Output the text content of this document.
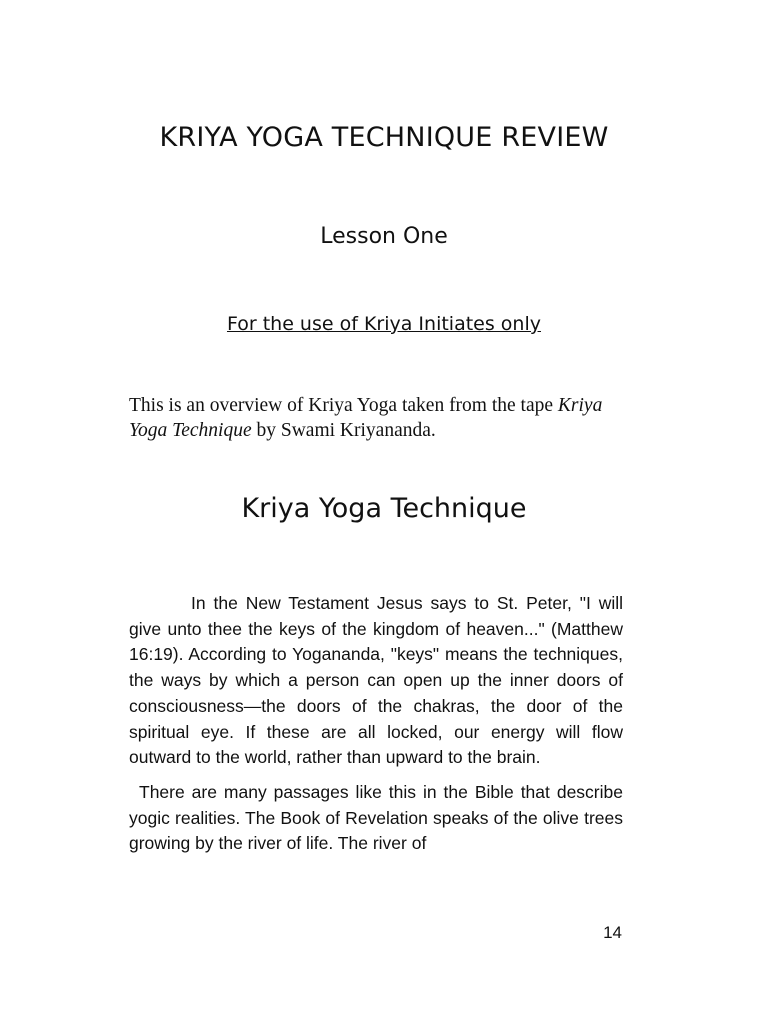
KRIYA YOGA TECHNIQUE REVIEW
Lesson One
For the use of Kriya Initiates only
This is an overview of Kriya Yoga taken from the tape Kriya Yoga Technique by Swami Kriyananda.
Kriya Yoga Technique

In the New Testament Jesus says to St. Peter, "I will give unto thee the keys of the kingdom of heaven..." (Matthew 16:19). According to Yogananda, "keys" means the techniques, the ways by which a person can open up the inner doors of consciousness—the doors of the chakras, the door of the spiritual eye. If these are all locked, our energy will flow outward to the world, rather than upward to the brain.

There are many passages like this in the Bible that describe yogic realities. The Book of Revelation speaks of the olive trees growing by the river of life. The river of

14
